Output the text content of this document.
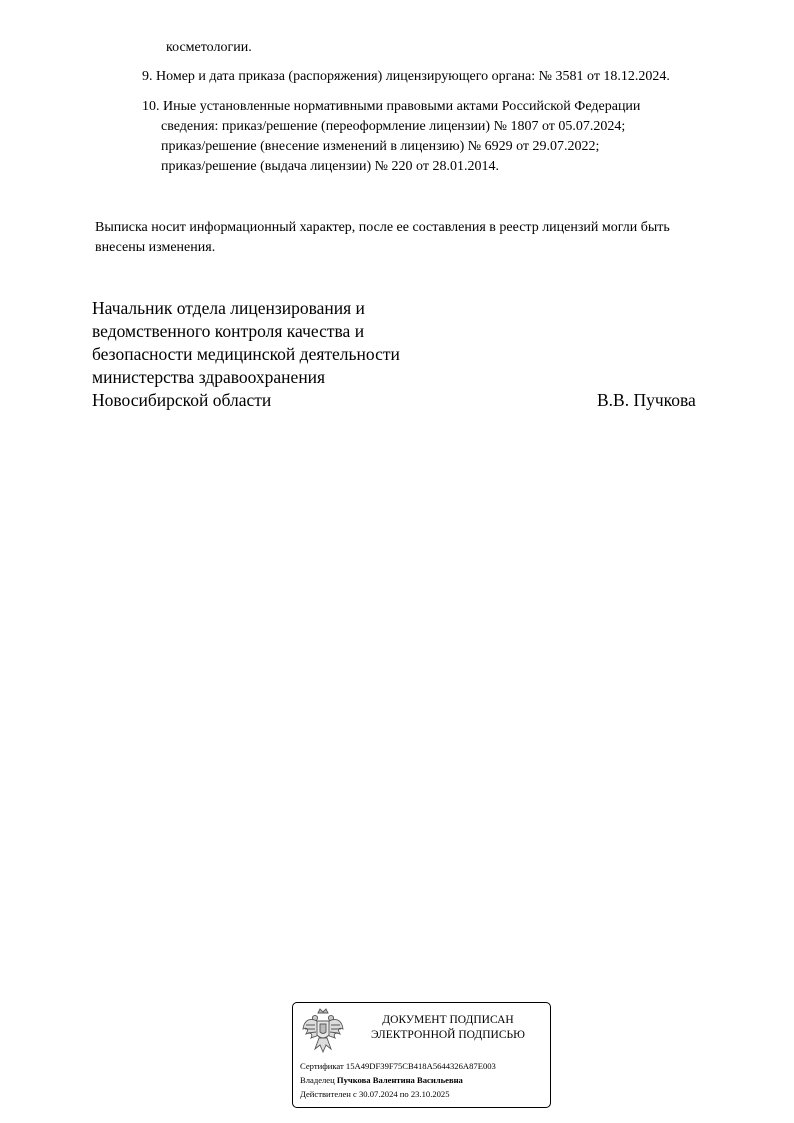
косметологии.
9. Номер и дата приказа (распоряжения) лицензирующего органа: № 3581 от 18.12.2024.
10. Иные установленные нормативными правовыми актами Российской Федерации
сведения: приказ/решение (переоформление лицензии) № 1807 от 05.07.2024;
приказ/решение (внесение изменений в лицензию) № 6929 от 29.07.2022;
приказ/решение (выдача лицензии) № 220 от 28.01.2014.
Выписка носит информационный характер, после ее составления в реестр лицензий могли быть
внесены изменения.
Начальник отдела лицензирования и
ведомственного контроля качества и
безопасности медицинской деятельности
министерства здравоохранения
Новосибирской области	В.В. Пучкова
ДОКУМЕНТ ПОДПИСАН
ЭЛЕКТРОННОЙ ПОДПИСЬЮ
Сертификат 15A49DF39F75CB418A5644326A87E003
Владелец Пучкова Валентина Васильевна
Действителен с 30.07.2024 по 23.10.2025
